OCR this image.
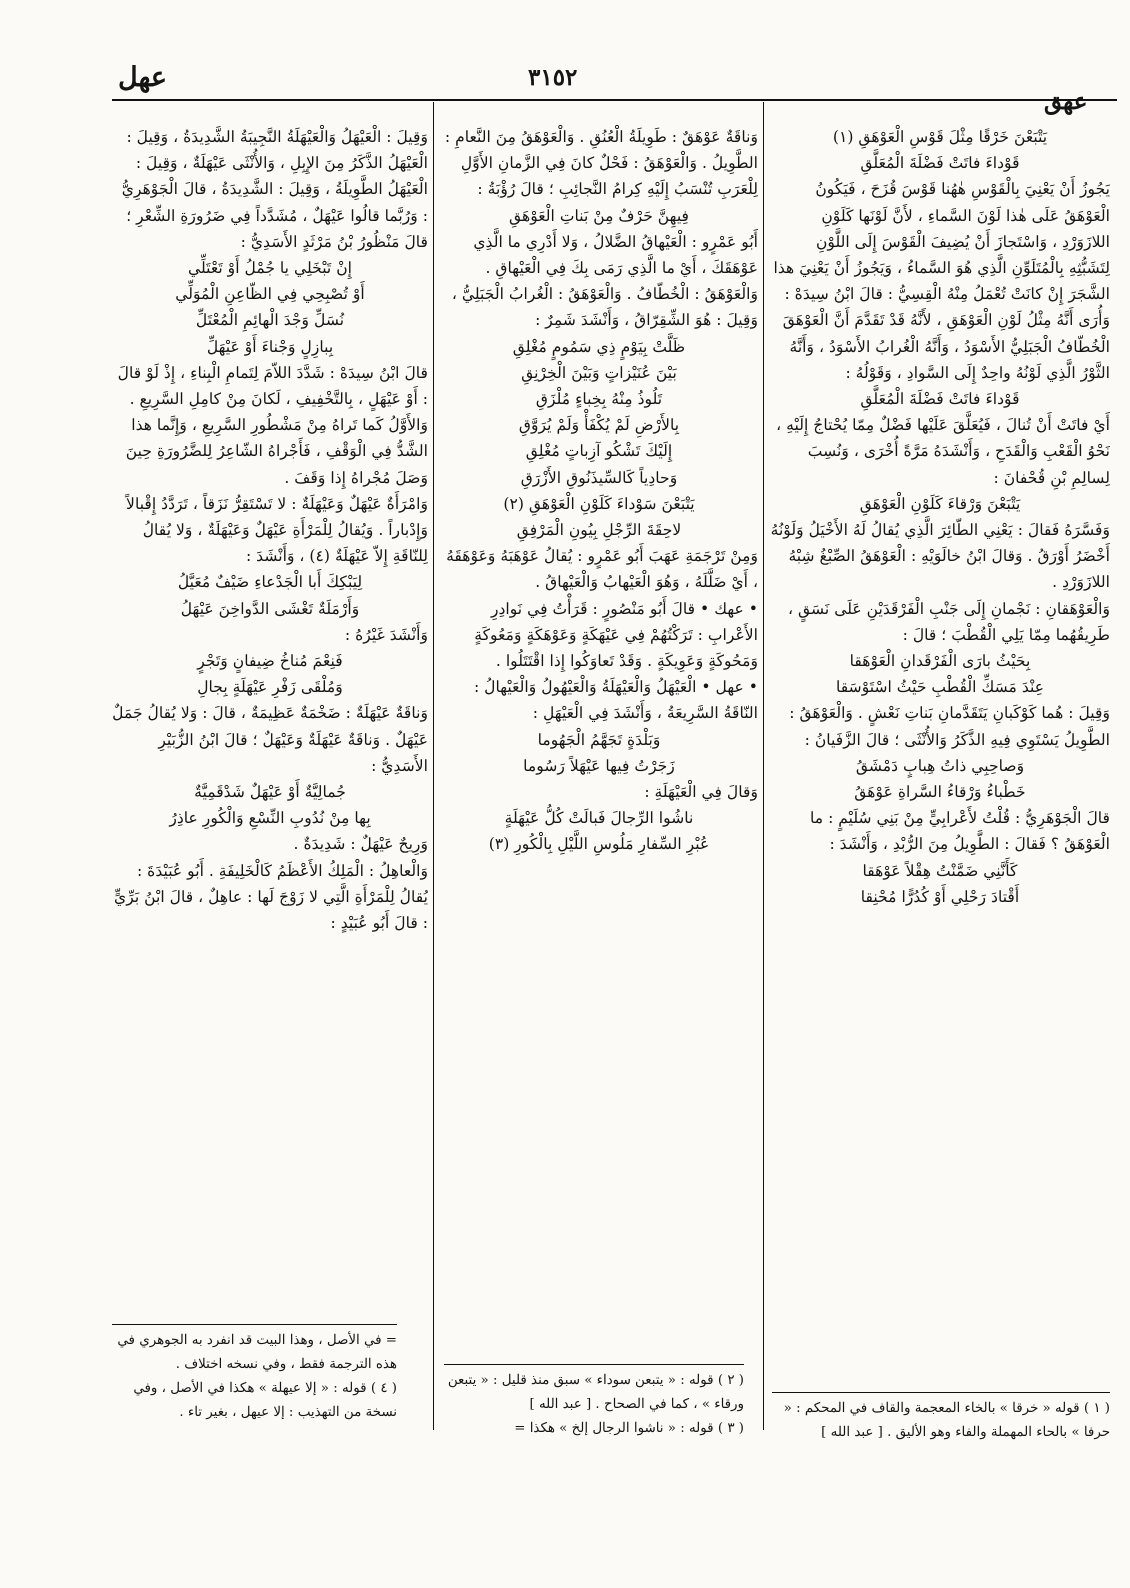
عهل	٣١٥٢
عهق

يَتْبَعْنَ خَرْقًا مِثْلَ قَوْسِ الْعَوْهَقِ (١)

قَوْداءَ فاتَتْ فَضْلَةَ الْمُعَلَّقِ

يَجُوزُ أَنْ يَعْنِيَ بِالْقَوْسِ هٰهُنا قَوْسَ قُزَحَ ، فَيَكُونُ الْعَوْهَقُ عَلَى هٰذا لَوْنَ السَّماءِ ، لأَنَّ لَوْنَها كَلَوْنِ اللازَوَرْدِ ، وَاسْتَجازَ أَنْ يُضِيفَ الْقَوْسَ إِلَى اللَّوْنِ لِتَشَبُّثِهِ بِالْمُتَلَوِّنِ الَّذِي هُوَ السَّماءُ ، وَيَجُوزُ أَنْ يَعْنِيَ هذا الشَّجَرَ إِنْ كانَتْ تُعْمَلُ مِنْهُ الْقِسِيُّ : قالَ ابْنُ سِيدَهْ : وَأُرَى أَنَّهُ مِثْلُ لَوْنِ الْعَوْهَقِ ، لأَنَّهُ قَدْ تَقَدَّمَ أَنَّ الْعَوْهَقَ الْخُطّافُ الْجَبَلِيُّ الأَسْوَدُ ، وَأَنَّهُ الْغُرابُ الأَسْوَدُ ، وَأَنَّهُ الثَّوْرُ الَّذِي لَوْنُهُ واحِدٌ إِلَى السَّوادِ ، وَقَوْلُهُ :

قَوْداءَ فاتَتْ فَضْلَةَ الْمُعَلَّقِ

أَيْ فاتَتْ أَنْ تُنالَ ، فَيُعَلَّقَ عَلَيْها فَضْلٌ مِمّا يُحْتاجُ إِلَيْهِ ، نَحْوُ الْقَعْبِ وَالْقَدَحِ ، وَأَنْشَدَهُ مَرَّةً أُخْرَى ، وَنُسِبَ لِسالِمِ بْنِ قُحْفانَ :

يَتْبَعْنَ وَرْقاءَ كَلَوْنِ الْعَوْهَقِ

وَفَسَّرَهُ فَقالَ : يَعْنِي الطّائِرَ الَّذِي يُقالُ لَهُ الأَخْيَلُ وَلَوْنُهُ أَخْضَرُ أَوْرَقُ . وَقالَ ابْنُ خالَوَيْهِ : الْعَوْهَقُ الصِّبْغُ شِبْهُ اللازَوَرْدِ .

وَالْعَوْهَقانِ : نَجْمانِ إِلَى جَنْبِ الْفَرْقَدَيْنِ عَلَى نَسَقٍ ، طَرِيقُهُما مِمّا يَلِي الْقُطْبَ ؛ قالَ :

بِحَيْثُ بارَى الْفَرْقَدانِ الْعَوْهَقا

عِنْدَ مَسَكِّ الْقُطْبِ حَيْثُ اسْتَوْسَقا

وَقِيلَ : هُما كَوْكَبانِ يَتَقَدَّمانِ بَناتِ نَعْشٍ . وَالْعَوْهَقُ : الطَّوِيلُ يَسْتَوِي فِيهِ الذَّكَرُ وَالأُنْثَى ؛ قالَ الزَّفَيانُ :

وَصاحِبِي ذاتُ هِبابٍ دَمْشَقُ

خَطْباءُ وَرْقاءُ السَّراةِ عَوْهَقُ

قالَ الْجَوْهَرِيُّ : قُلْتُ لأَعْرابِيٍّ مِنْ بَنِي سُلَيْمٍ : ما الْعَوْهَقُ ؟ فَقالَ : الطَّوِيلُ مِنَ الرُّبْدِ ، وَأَنْشَدَ :

كَأَنَّنِي ضَمَّنْتُ هِقْلاً عَوْهَقا

أَقْتادَ رَحْلِي أَوْ كُدُرًّا مُحْنِقا

وَناقَةٌ عَوْهَقٌ : طَوِيلَةُ الْعُنُقِ . وَالْعَوْهَقُ مِنَ النَّعامِ : الطَّوِيلُ . وَالْعَوْهَقُ : فَحْلٌ كانَ فِي الزَّمانِ الأَوَّلِ لِلْعَرَبِ تُنْسَبُ إِلَيْهِ كِرامُ النَّجائِبِ ؛ قالَ رُؤْبَةُ :

فِيهِنَّ حَرْفٌ مِنْ بَناتِ الْعَوْهَقِ

أَبُو عَمْرٍو : الْعَيْهاقُ الضَّلالُ ، وَلا أَدْرِي ما الَّذِي عَوْهَقَكَ ، أَيْ ما الَّذِي رَمَى بِكَ فِي الْعَيْهاقِ . وَالْعَوْهَقُ : الْخُطّافُ . وَالْعَوْهَقُ : الْغُرابُ الْجَبَلِيُّ ، وَقِيلَ : هُوَ الشِّقِرّاقُ ، وَأَنْشَدَ شَمِرٌ :

ظَلَّتْ بِيَوْمٍ ذِي سَمُومٍ مُغْلِقِ

بَيْنَ عُنَيْزاتٍ وَبَيْنَ الْخِرْنِقِ

تَلُوذُ مِنْهُ بِخِباءٍ مُلْزَقِ

بِالأَرْضِ لَمْ يُكْفَأْ وَلَمْ يُرَوَّقِ

إِلَيْكَ تَشْكُو آزِباتٍ مُغْلِقِ

وَحادِياً كَالسِّيذَنُوقِ الأَزْرَقِ

يَتْبَعْنَ سَوْداءَ كَلَوْنِ الْعَوْهَقِ (٢)

لاحِقَةَ الرِّجْلِ بِيُونِ الْمَرْفِقِ

وَمِنْ تَرْجَمَةِ عَهَبَ أَبُو عَمْرٍو : يُقالُ عَوْهَبَهُ وَعَوْهَقَهُ ، أَيْ ضَلَّلَهُ ، وَهُوَ الْعَيْهابُ وَالْعَيْهاقُ .

• عهك • قالَ أَبُو مَنْصُورٍ : قَرَأْتُ فِي نَوادِرِ الأَعْرابِ : تَرَكْتُهُمْ فِي عَيْهَكَةٍ وَعَوْهَكَةٍ وَمَعُوكَةٍ وَمَحُوكَةٍ وَعَوِيكَةٍ . وَقَدْ تَعاوَكُوا إِذا اقْتَتَلُوا .

• عهل • الْعَيْهَلُ وَالْعَيْهَلَةُ وَالْعَيْهُولُ وَالْعَيْهالُ : النّاقَةُ السَّرِيعَةُ ، وَأَنْشَدَ فِي الْعَيْهَلِ :

وَبَلْدَةٍ تَجَهَّمُ الْجَهُوما

زَجَرْتُ فِيها عَيْهَلاً رَسُوما

وَقالَ فِي الْعَيْهَلَةِ :

ناشُوا الرِّجالَ فَبالَتْ كُلُّ عَيْهَلَةٍ

عُبْرِ السِّفارِ مَلُوسِ اللَّيْلِ بِالْكُورِ (٣)

وَقِيلَ : الْعَيْهَلُ وَالْعَيْهَلَةُ النَّجِيبَةُ الشَّدِيدَةُ ، وَقِيلَ : الْعَيْهَلُ الذَّكَرُ مِنَ الإِبِلِ ، وَالأُنْثَى عَيْهَلَةٌ ، وَقِيلَ : الْعَيْهَلُ الطَّوِيلَةُ ، وَقِيلَ : الشَّدِيدَةُ ، قالَ الْجَوْهَرِيُّ : وَرُبَّما قالُوا عَيْهَلٌ ، مُشَدَّداً فِي ضَرُورَةِ الشِّعْرِ ؛ قالَ مَنْظُورُ بْنُ مَرْثَدٍ الأَسَدِيُّ :

إِنْ تَبْخَلِي يا جُمْلُ أَوْ تَعْتَلِّي

أَوْ تُصْبِحِي فِي الظّاعِنِ الْمُوَلِّي

نُسَلِّ وَجْدَ الْهائِمِ الْمُعْتَلِّ

بِبازِلٍ وَجْناءَ أَوْ عَيْهَلِّ

قالَ ابْنُ سِيدَهْ : شَدَّدَ اللاّمَ لِتَمامِ الْبِناءِ ، إِذْ لَوْ قالَ : أَوْ عَيْهَلٍ ، بِالتَّخْفِيفِ ، لَكانَ مِنْ كامِلِ السَّرِيعِ . وَالأَوَّلُ كَما تَراهُ مِنْ مَشْطُورِ السَّرِيعِ ، وَإِنَّما هذا الشَّدُّ فِي الْوَقْفِ ، فَأَجْراهُ الشّاعِرُ لِلضَّرُورَةِ حِينَ وَصَلَ مُجْراهُ إِذا وَقَفَ .

وَامْرَأَةٌ عَيْهَلٌ وَعَيْهَلَةٌ : لا تَسْتَقِرُّ نَزَقاً ، تَرَدَّدُ إِقْبالاً وَإِدْباراً . وَيُقالُ لِلْمَرْأَةِ عَيْهَلٌ وَعَيْهَلَةٌ ، وَلا يُقالُ لِلنّاقَةِ إِلاّ عَيْهَلَةٌ (٤) ، وَأَنْشَدَ :

لِيَبْكِكَ أَبا الْجَدْعاءِ ضَيْفٌ مُعَيَّلُ

وَأَرْمَلَةٌ تَغْشَى الدَّواخِنَ عَيْهَلُ

وَأَنْشَدَ غَيْرُهُ :

فَنِعْمَ مُناخُ ضِيفانٍ وَتَجْرٍ

وَمُلْقَى زَفْرِ عَيْهَلَةٍ بِجالِ

وَناقَةٌ عَيْهَلَةٌ : ضَخْمَةٌ عَظِيمَةٌ ، قالَ : وَلا يُقالُ جَمَلٌ عَيْهَلٌ . وَناقَةٌ عَيْهَلَةٌ وَعَيْهَلٌ ؛ قالَ ابْنُ الزُّبَيْرِ الأَسَدِيُّ :

جُمالِيَّةٌ أَوْ عَيْهَلٌ شَدْقَمِيَّةٌ

بِها مِنْ نُدُوبِ النِّسْعِ وَالْكُورِ عاذِرُ

وَرِيحٌ عَيْهَلٌ : شَدِيدَةٌ .

وَالْعاهِلُ : الْمَلِكُ الأَعْظَمُ كَالْخَلِيفَةِ . أَبُو عُبَيْدَةَ : يُقالُ لِلْمَرْأَةِ الَّتِي لا زَوْجَ لَها : عاهِلٌ ، قالَ ابْنُ بَرِّيٍّ : قالَ أَبُو عُبَيْدٍ :

( ١ ) قوله « خرقا » بالخاء المعجمة والقاف في المحكم : « حرفا » بالحاء المهملة والفاء وهو الأليق . [ عبد الله ]

( ٢ ) قوله : « يتبعن سوداء » سبق منذ قليل : « يتبعن ورقاء » ، كما في الصحاح . [ عبد الله ]

( ٣ ) قوله : « ناشوا الرجال إلخ » هكذا =

= في الأصل ، وهذا البيت قد انفرد به الجوهري في هذه الترجمة فقط ، وفي نسخه اختلاف .

( ٤ ) قوله : « إلا عيهلة » هكذا في الأصل ، وفي نسخة من التهذيب : إلا عيهل ، بغير تاء .
